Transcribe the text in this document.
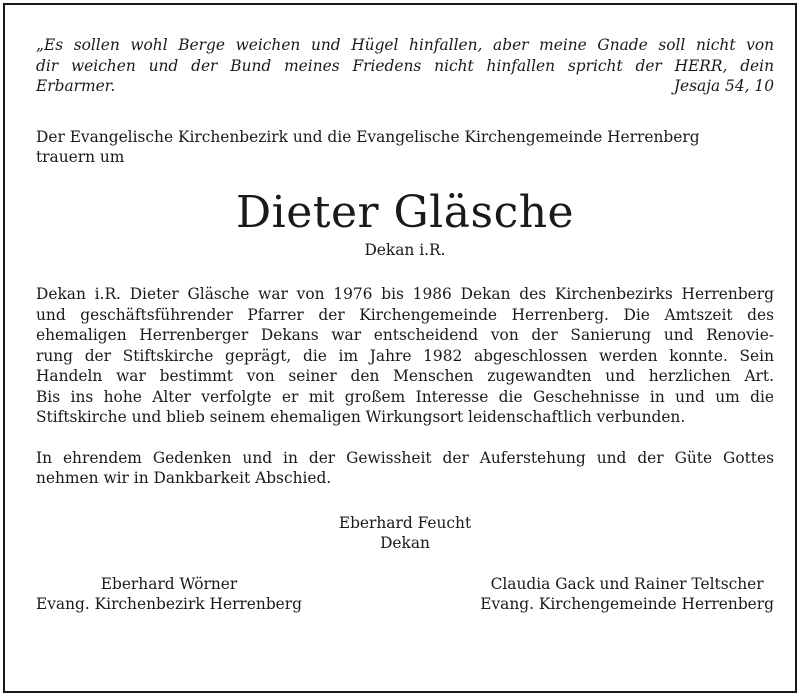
„Es sollen wohl Berge weichen und Hügel hinfallen, aber meine Gnade soll nicht von
dir weichen und der Bund meines Friedens nicht hinfallen spricht der HERR, dein
Erbarmer.	Jesaja 54, 10
Der Evangelische Kirchenbezirk und die Evangelische Kirchengemeinde Herrenberg
trauern um
Dieter Gläsche
Dekan i.R.
Dekan i.R. Dieter Gläsche war von 1976 bis 1986 Dekan des Kirchenbezirks Herrenberg
und geschäftsführender Pfarrer der Kirchengemeinde Herrenberg. Die Amtszeit des
ehemaligen Herrenberger Dekans war entscheidend von der Sanierung und Renovie-
rung der Stiftskirche geprägt, die im Jahre 1982 abgeschlossen werden konnte. Sein
Handeln war bestimmt von seiner den Menschen zugewandten und herzlichen Art.
Bis ins hohe Alter verfolgte er mit großem Interesse die Geschehnisse in und um die
Stiftskirche und blieb seinem ehemaligen Wirkungsort leidenschaftlich verbunden.
In ehrendem Gedenken und in der Gewissheit der Auferstehung und der Güte Gottes
nehmen wir in Dankbarkeit Abschied.
Eberhard Feucht
Dekan
Eberhard Wörner
Evang. Kirchenbezirk Herrenberg
Claudia Gack und Rainer Teltscher
Evang. Kirchengemeinde Herrenberg
